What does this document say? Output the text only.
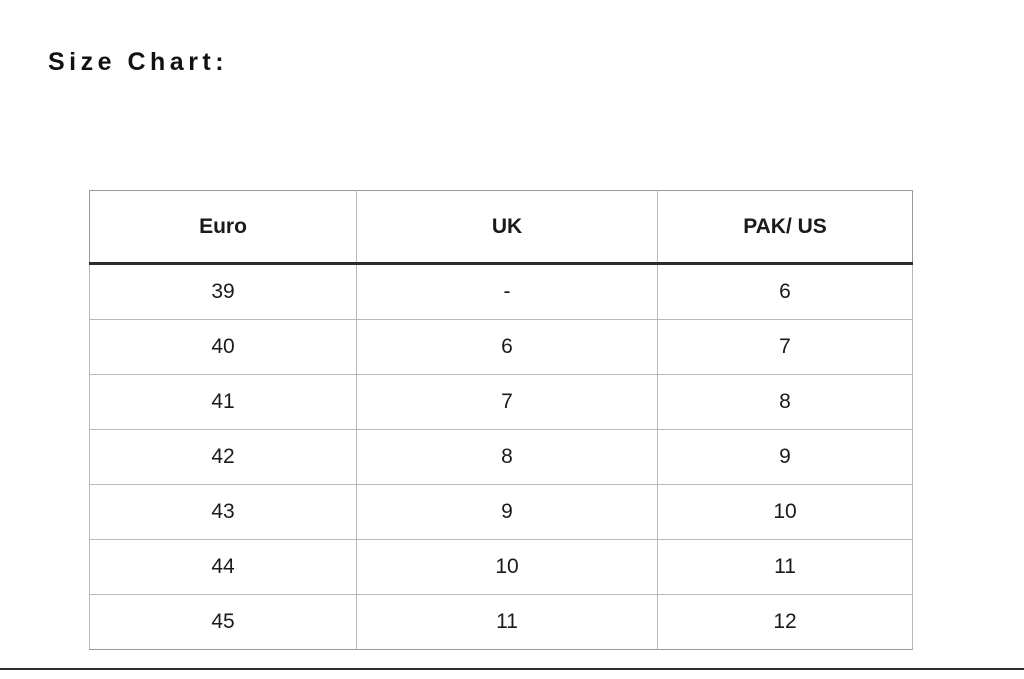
Size Chart:
Euro	UK	PAK/ US
39	-	6
40	6	7
41	7	8
42	8	9
43	9	10
44	10	11
45	11	12
